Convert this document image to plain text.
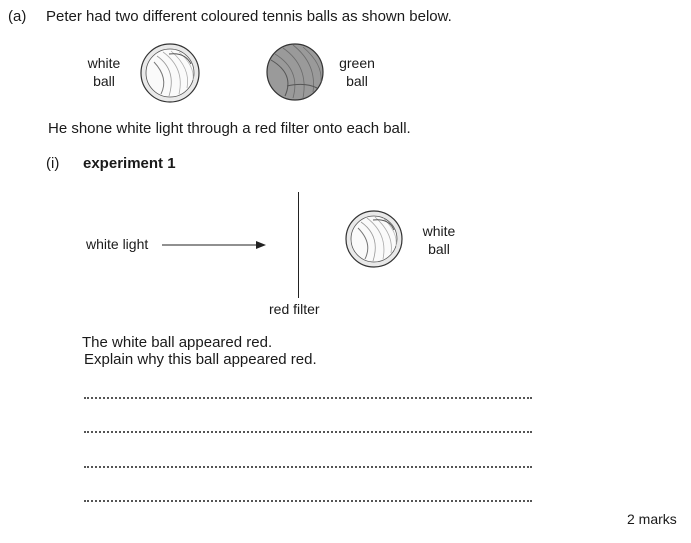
(a) Peter had two different coloured tennis balls as shown below.
white
ball
green
ball
He shone white light through a red filter onto each ball.
(i) experiment 1
white light
red filter
white
ball
The white ball appeared red.
Explain why this ball appeared red.
2 marks
